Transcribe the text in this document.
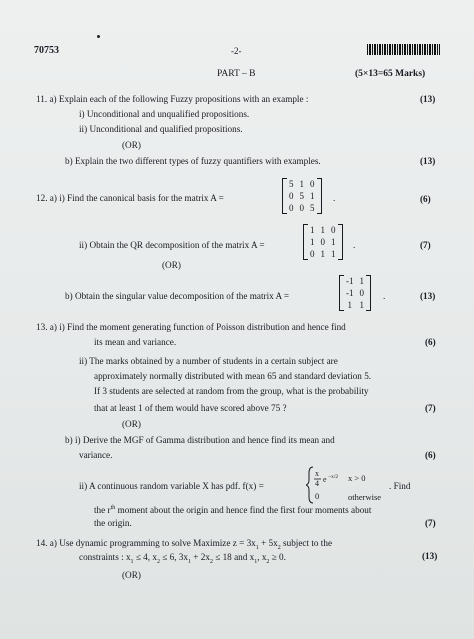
70753	-2-
PART – B	(5×13=65 Marks)
11. a) Explain each of the following Fuzzy propositions with an example :	(13)
i) Unconditional and unqualified propositions.
ii) Unconditional and qualified propositions.
(OR)
b) Explain the two different types of fuzzy quantifiers with examples.	(13)
12. a) i) Find the canonical basis for the matrix A =
5	1	0
0	5	1
0	0	5
.	(6)
ii) Obtain the QR decomposition of the matrix A =
1	1	0
1	0	1
0	1	1
.	(7)
(OR)
b) Obtain the singular value decomposition of the matrix A =
-1	1
-1	0
1	1
.	(13)
13. a) i) Find the moment generating function of Poisson distribution and hence find
its mean and variance.	(6)
ii) The marks obtained by a number of students in a certain subject are
approximately normally distributed with mean 65 and standard deviation 5.
If 3 students are selected at random from the group, what is the probability
that at least 1 of them would have scored above 75 ?	(7)
(OR)
b) i) Derive the MGF of Gamma distribution and hence find its mean and
variance.	(6)
ii) A continuous random variable X has pdf. f(x) =
x
4 e −x/2
0
x > 0
otherwise
. Find
the $r^{th}$ moment about the origin and hence find the first four moments about
the origin.	(7)
14. a) Use dynamic programming to solve Maximize $z = 3x_1 + 5x_2$ subject to the
constraints : $x_1 \le 4$, $x_2 \le 6$, $3x_1 + 2x_2 \le 18$ and $x_1$, $x_2 \ge 0$.	(13)
(OR)
